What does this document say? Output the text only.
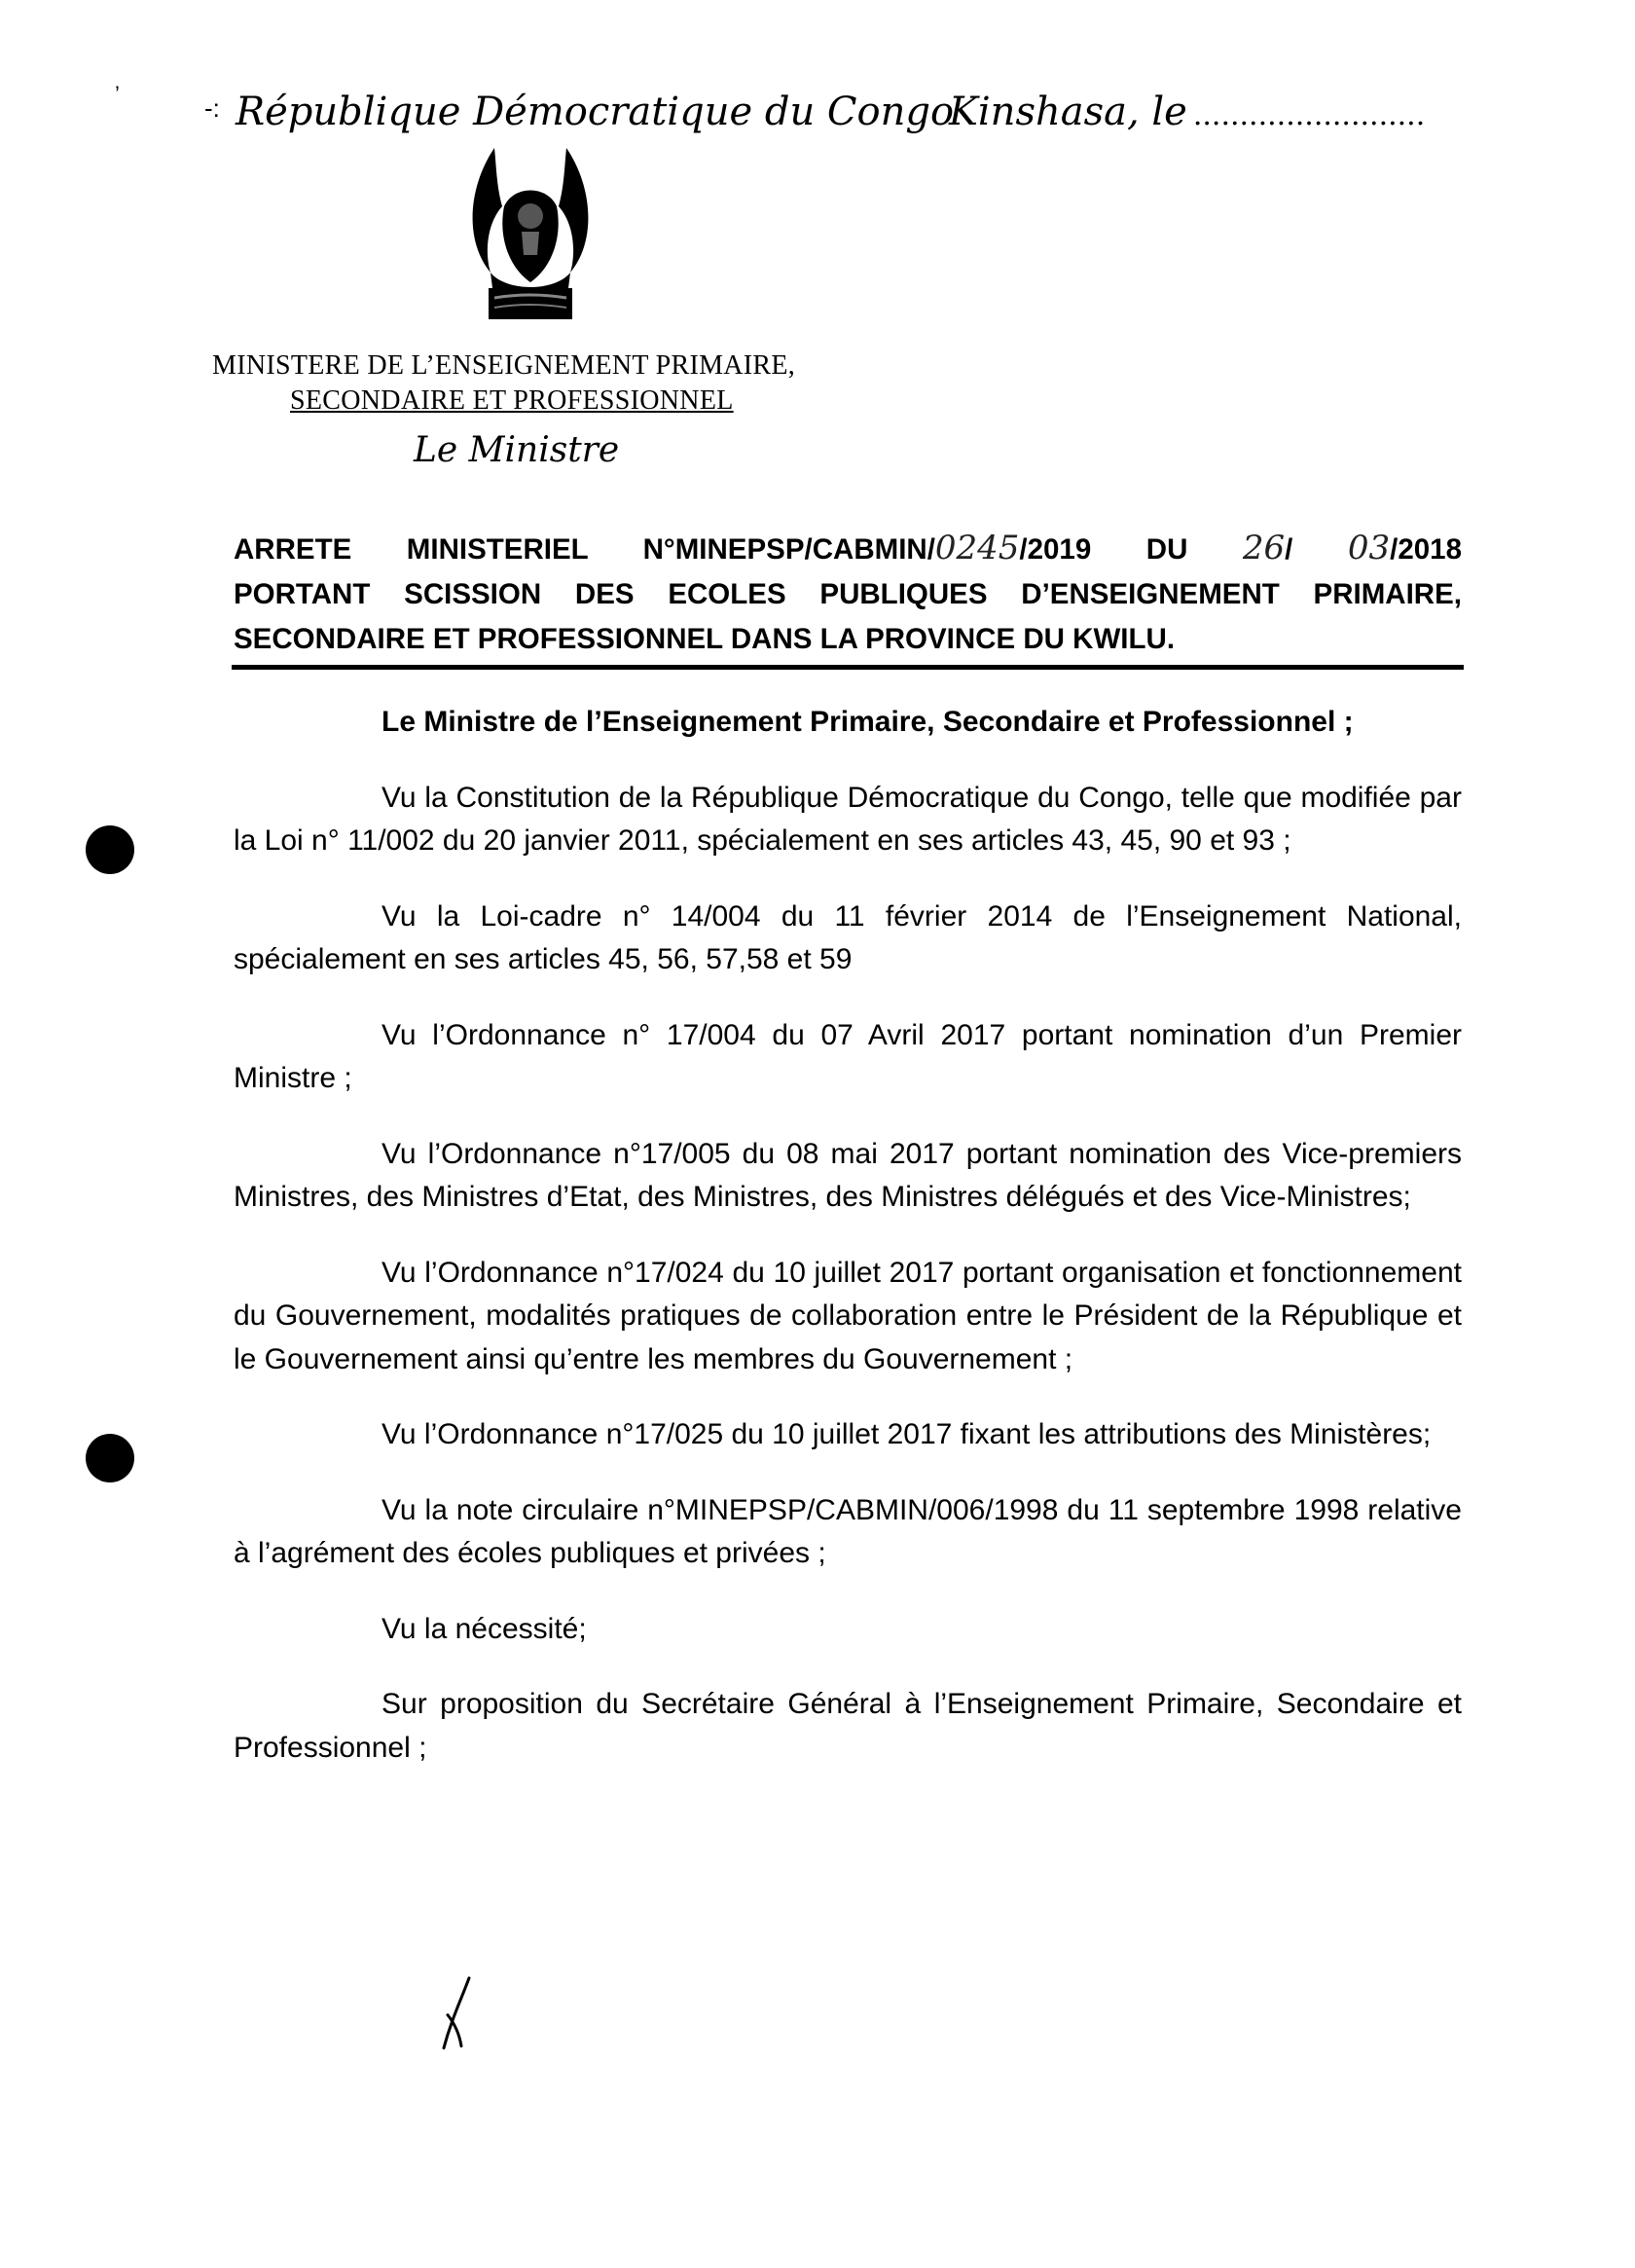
’	-: République Démocratique du Congo
Kinshasa, le .........................
MINISTERE DE L’ENSEIGNEMENT PRIMAIRE,
SECONDAIRE ET PROFESSIONNEL
Le Ministre
ARRETE MINISTERIEL N°MINEPSP/CABMIN/0245/2019 DU 26/ 03/2018
PORTANT SCISSION DES ECOLES PUBLIQUES D’ENSEIGNEMENT PRIMAIRE,
SECONDAIRE ET PROFESSIONNEL DANS LA PROVINCE DU KWILU.

Le Ministre de l’Enseignement Primaire, Secondaire et Professionnel ;

Vu la Constitution de la République Démocratique du Congo, telle que modifiée par la Loi n° 11/002 du 20 janvier 2011, spécialement en ses articles 43, 45, 90 et 93 ;

Vu la Loi-cadre n° 14/004 du 11 février 2014 de l’Enseignement National, spécialement en ses articles 45, 56, 57,58 et 59

Vu l’Ordonnance n° 17/004 du 07 Avril 2017 portant nomination d’un Premier Ministre ;

Vu l’Ordonnance n°17/005 du 08 mai 2017 portant nomination des Vice-premiers Ministres, des Ministres d’Etat, des Ministres, des Ministres délégués et des Vice-Ministres;

Vu l’Ordonnance n°17/024 du 10 juillet 2017 portant organisation et fonctionnement du Gouvernement, modalités pratiques de collaboration entre le Président de la République et le Gouvernement ainsi qu’entre les membres du Gouvernement ;

Vu l’Ordonnance n°17/025 du 10 juillet 2017 fixant les attributions des Ministères;

Vu la note circulaire n°MINEPSP/CABMIN/006/1998 du 11 septembre 1998 relative à l’agrément des écoles publiques et privées ;

Vu la nécessité;

Sur proposition du Secrétaire Général à l’Enseignement Primaire, Secondaire et Professionnel ;
